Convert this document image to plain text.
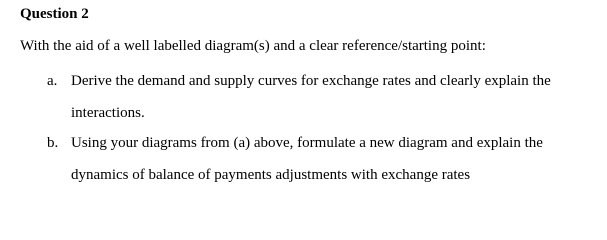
Question 2
With the aid of a well labelled diagram(s) and a clear reference/starting point:
a. Derive the demand and supply curves for exchange rates and clearly explain the
interactions.
b. Using your diagrams from (a) above, formulate a new diagram and explain the
dynamics of balance of payments adjustments with exchange rates
